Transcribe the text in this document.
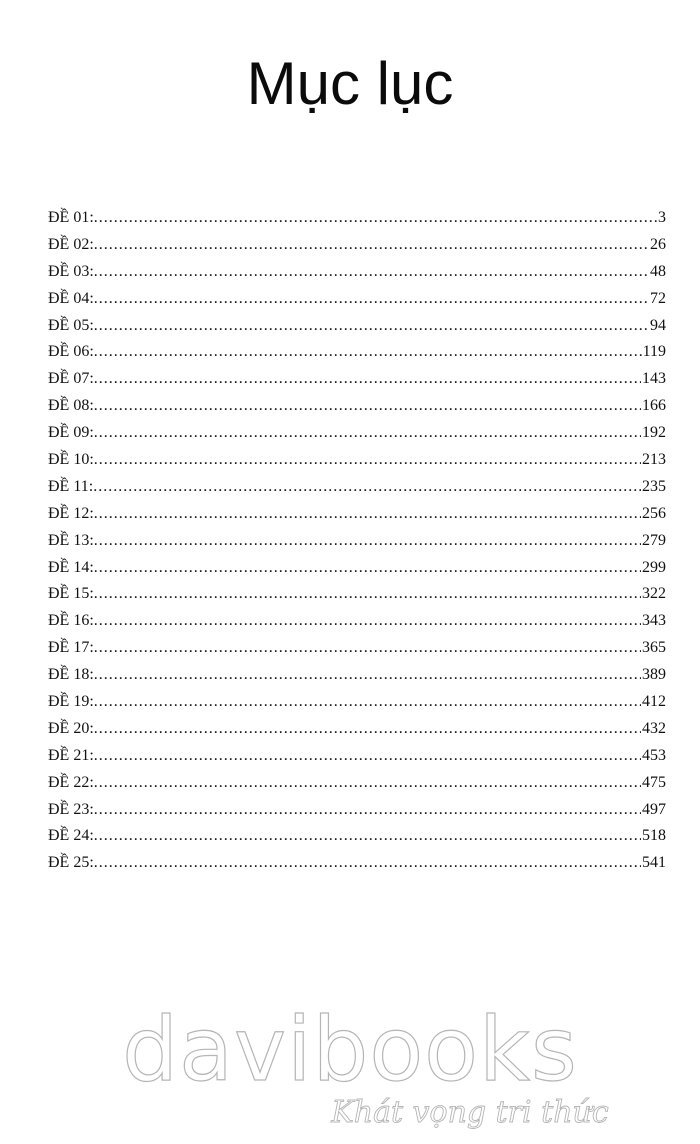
Mục lục
ĐỀ 01: .....	3
ĐỀ 02: .....	26
ĐỀ 03: .....	48
ĐỀ 04: .....	72
ĐỀ 05: .....	94
ĐỀ 06: .....	119
ĐỀ 07: .....	143
ĐỀ 08: .....	166
ĐỀ 09: .....	192
ĐỀ 10: .....	213
ĐỀ 11: .....	235
ĐỀ 12: .....	256
ĐỀ 13: .....	279
ĐỀ 14: .....	299
ĐỀ 15: .....	322
ĐỀ 16: .....	343
ĐỀ 17: .....	365
ĐỀ 18: .....	389
ĐỀ 19: .....	412
ĐỀ 20: .....	432
ĐỀ 21: .....	453
ĐỀ 22: .....	475
ĐỀ 23: .....	497
ĐỀ 24: .....	518
ĐỀ 25: .....	541
davibooks
Khát vọng tri thức
